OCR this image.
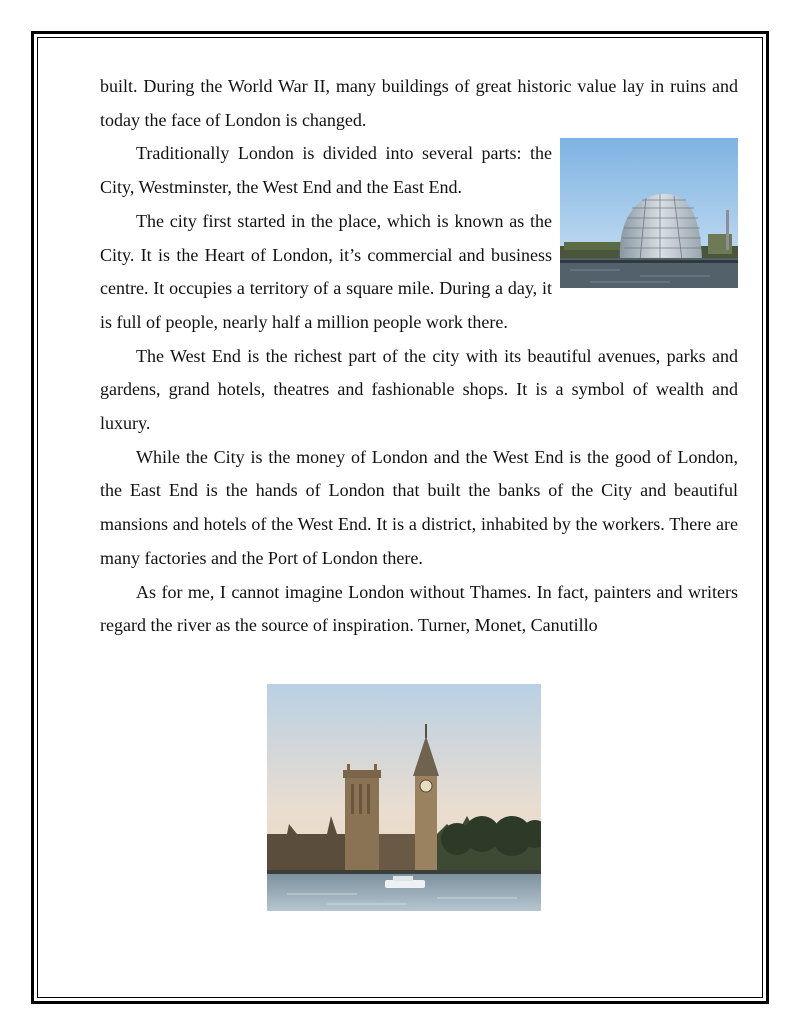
built. During the World War II, many buildings of great historic value lay in ruins and today the face of London is changed.

Traditionally London is divided into several parts: the City, Westminster, the West End and the East End.

The city first started in the place, which is known as the City. It is the Heart of London, it’s commercial and business centre. It occupies a territory of a square mile. During a day, it is full of people, nearly half a million people work there.

The West End is the richest part of the city with its beautiful avenues, parks and gardens, grand hotels, theatres and fashionable shops. It is a symbol of wealth and luxury.

While the City is the money of London and the West End is the good of London, the East End is the hands of London that built the banks of the City and beautiful mansions and hotels of the West End. It is a district, inhabited by the workers. There are many factories and the Port of London there.

As for me, I cannot imagine London without Thames. In fact, painters and writers regard the river as the source of inspiration. Turner, Monet, Canutillo
